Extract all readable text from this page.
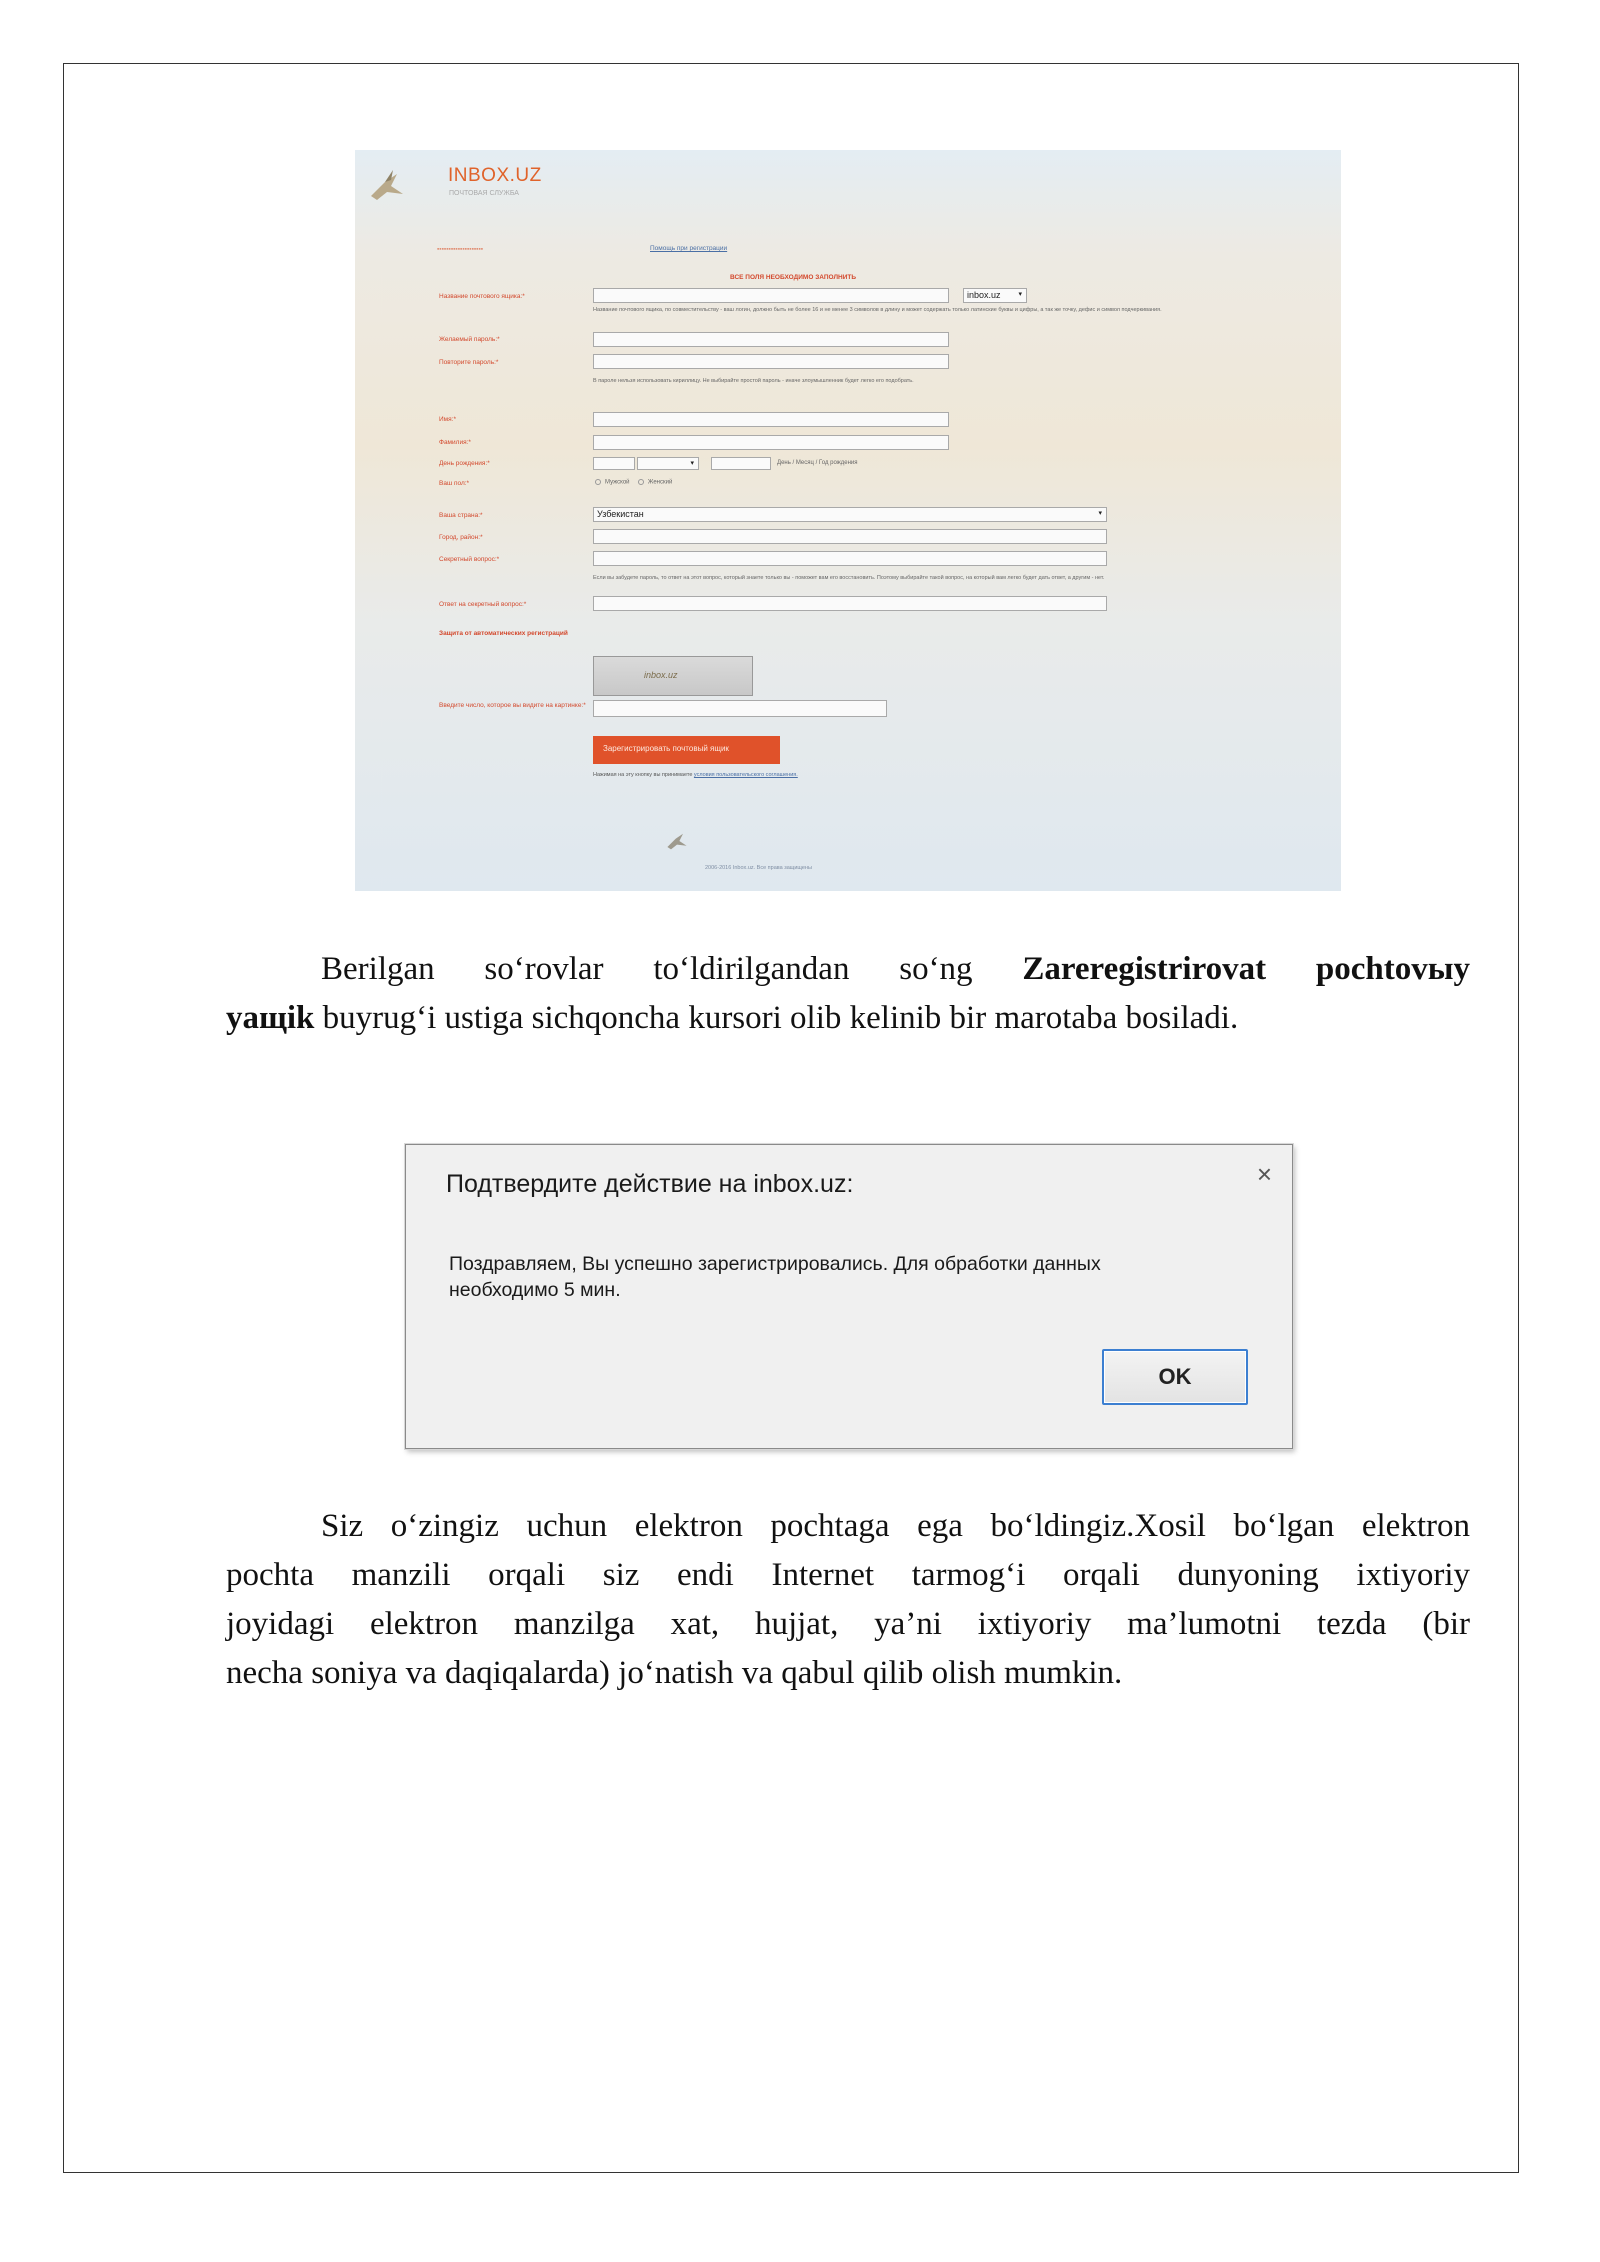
INBOX.UZ
ПОЧТОВАЯ СЛУЖБА
▪▪▪▪▪▪▪▪▪▪▪▪▪▪▪▪▪▪▪▪	Помощь при регистрации
ВСЕ ПОЛЯ НЕОБХОДИМО ЗАПОЛНИТЬ
Название почтового ящика:*	inbox.uz	▾
Название почтового ящика, по совместительству - ваш логин, должно быть не более 16 и не менее 3 символов в длину и может содержать только латинские буквы и цифры, а так же точку, дефис и символ подчеркивания.
Желаемый пароль:*
Повторите пароль:*
В пароле нельзя использовать кириллицу. Не выбирайте простой пароль - иначе злоумышленник будет легко его подобрать.
Имя:*
Фамилия:*
День рождения:*	▾	День / Месяц / Год рождения
Ваш пол:*	Мужской	Женский
Ваша страна:*	Узбекистан	▾
Город, район:*
Секретный вопрос:*
Если вы забудете пароль, то ответ на этот вопрос, который знаете только вы - поможет вам его восстановить. Поэтому выбирайте такой вопрос, на который вам легко будет дать ответ, а другим - нет.
Ответ на секретный вопрос:*
Защита от автоматических регистраций
inbox.uz
Введите число, которое вы видите на картинке:*
Зарегистрировать почтовый ящик
Нажимая на эту кнопку вы принимаете условия пользовательского соглашения.
2006-2016 Inbox.uz. Все права защищены
Berilgan so‘rovlar to‘ldirilgandan so‘ng Zareregistrirovat pochtovыy
yaщik buyrug‘i ustiga sichqoncha kursori olib kelinib bir marotaba bosiladi.
Подтвердите действие на inbox.uz:	×
Поздравляем, Вы успешно зарегистрировались. Для обработки данных
необходимо 5 мин.
OK
Siz o‘zingiz uchun elektron pochtaga ega bo‘ldingiz.Xosil bo‘lgan elektron
pochta manzili orqali siz endi Internet tarmog‘i orqali dunyoning ixtiyoriy
joyidagi elektron manzilga xat, hujjat, ya’ni ixtiyoriy ma’lumotni tezda (bir
necha soniya va daqiqalarda) jo‘natish va qabul qilib olish mumkin.
